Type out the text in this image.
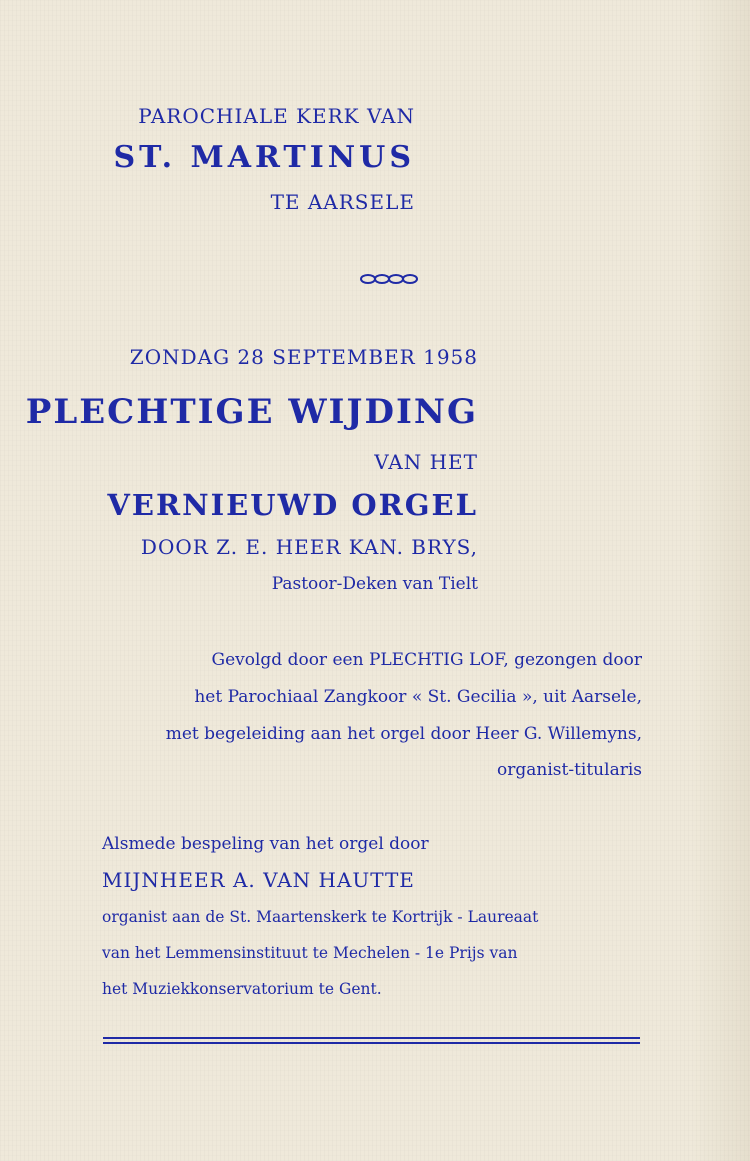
PAROCHIALE KERK VAN
ST. MARTINUS
TE AARSELE
ZONDAG 28 SEPTEMBER 1958
PLECHTIGE WIJDING
VAN HET
VERNIEUWD ORGEL
DOOR Z. E. HEER KAN. BRYS,
Pastoor-Deken van Tielt
Gevolgd door een PLECHTIG LOF, gezongen door
het Parochiaal Zangkoor « St. Gecilia », uit Aarsele,
met begeleiding aan het orgel door Heer G. Willemyns,
organist-titularis
Alsmede bespeling van het orgel door
MIJNHEER A. VAN HAUTTE
organist aan de St. Maartenskerk te Kortrijk - Laureaat
van het Lemmensinstituut te Mechelen - 1e Prijs van
het Muziekkonservatorium te Gent.
